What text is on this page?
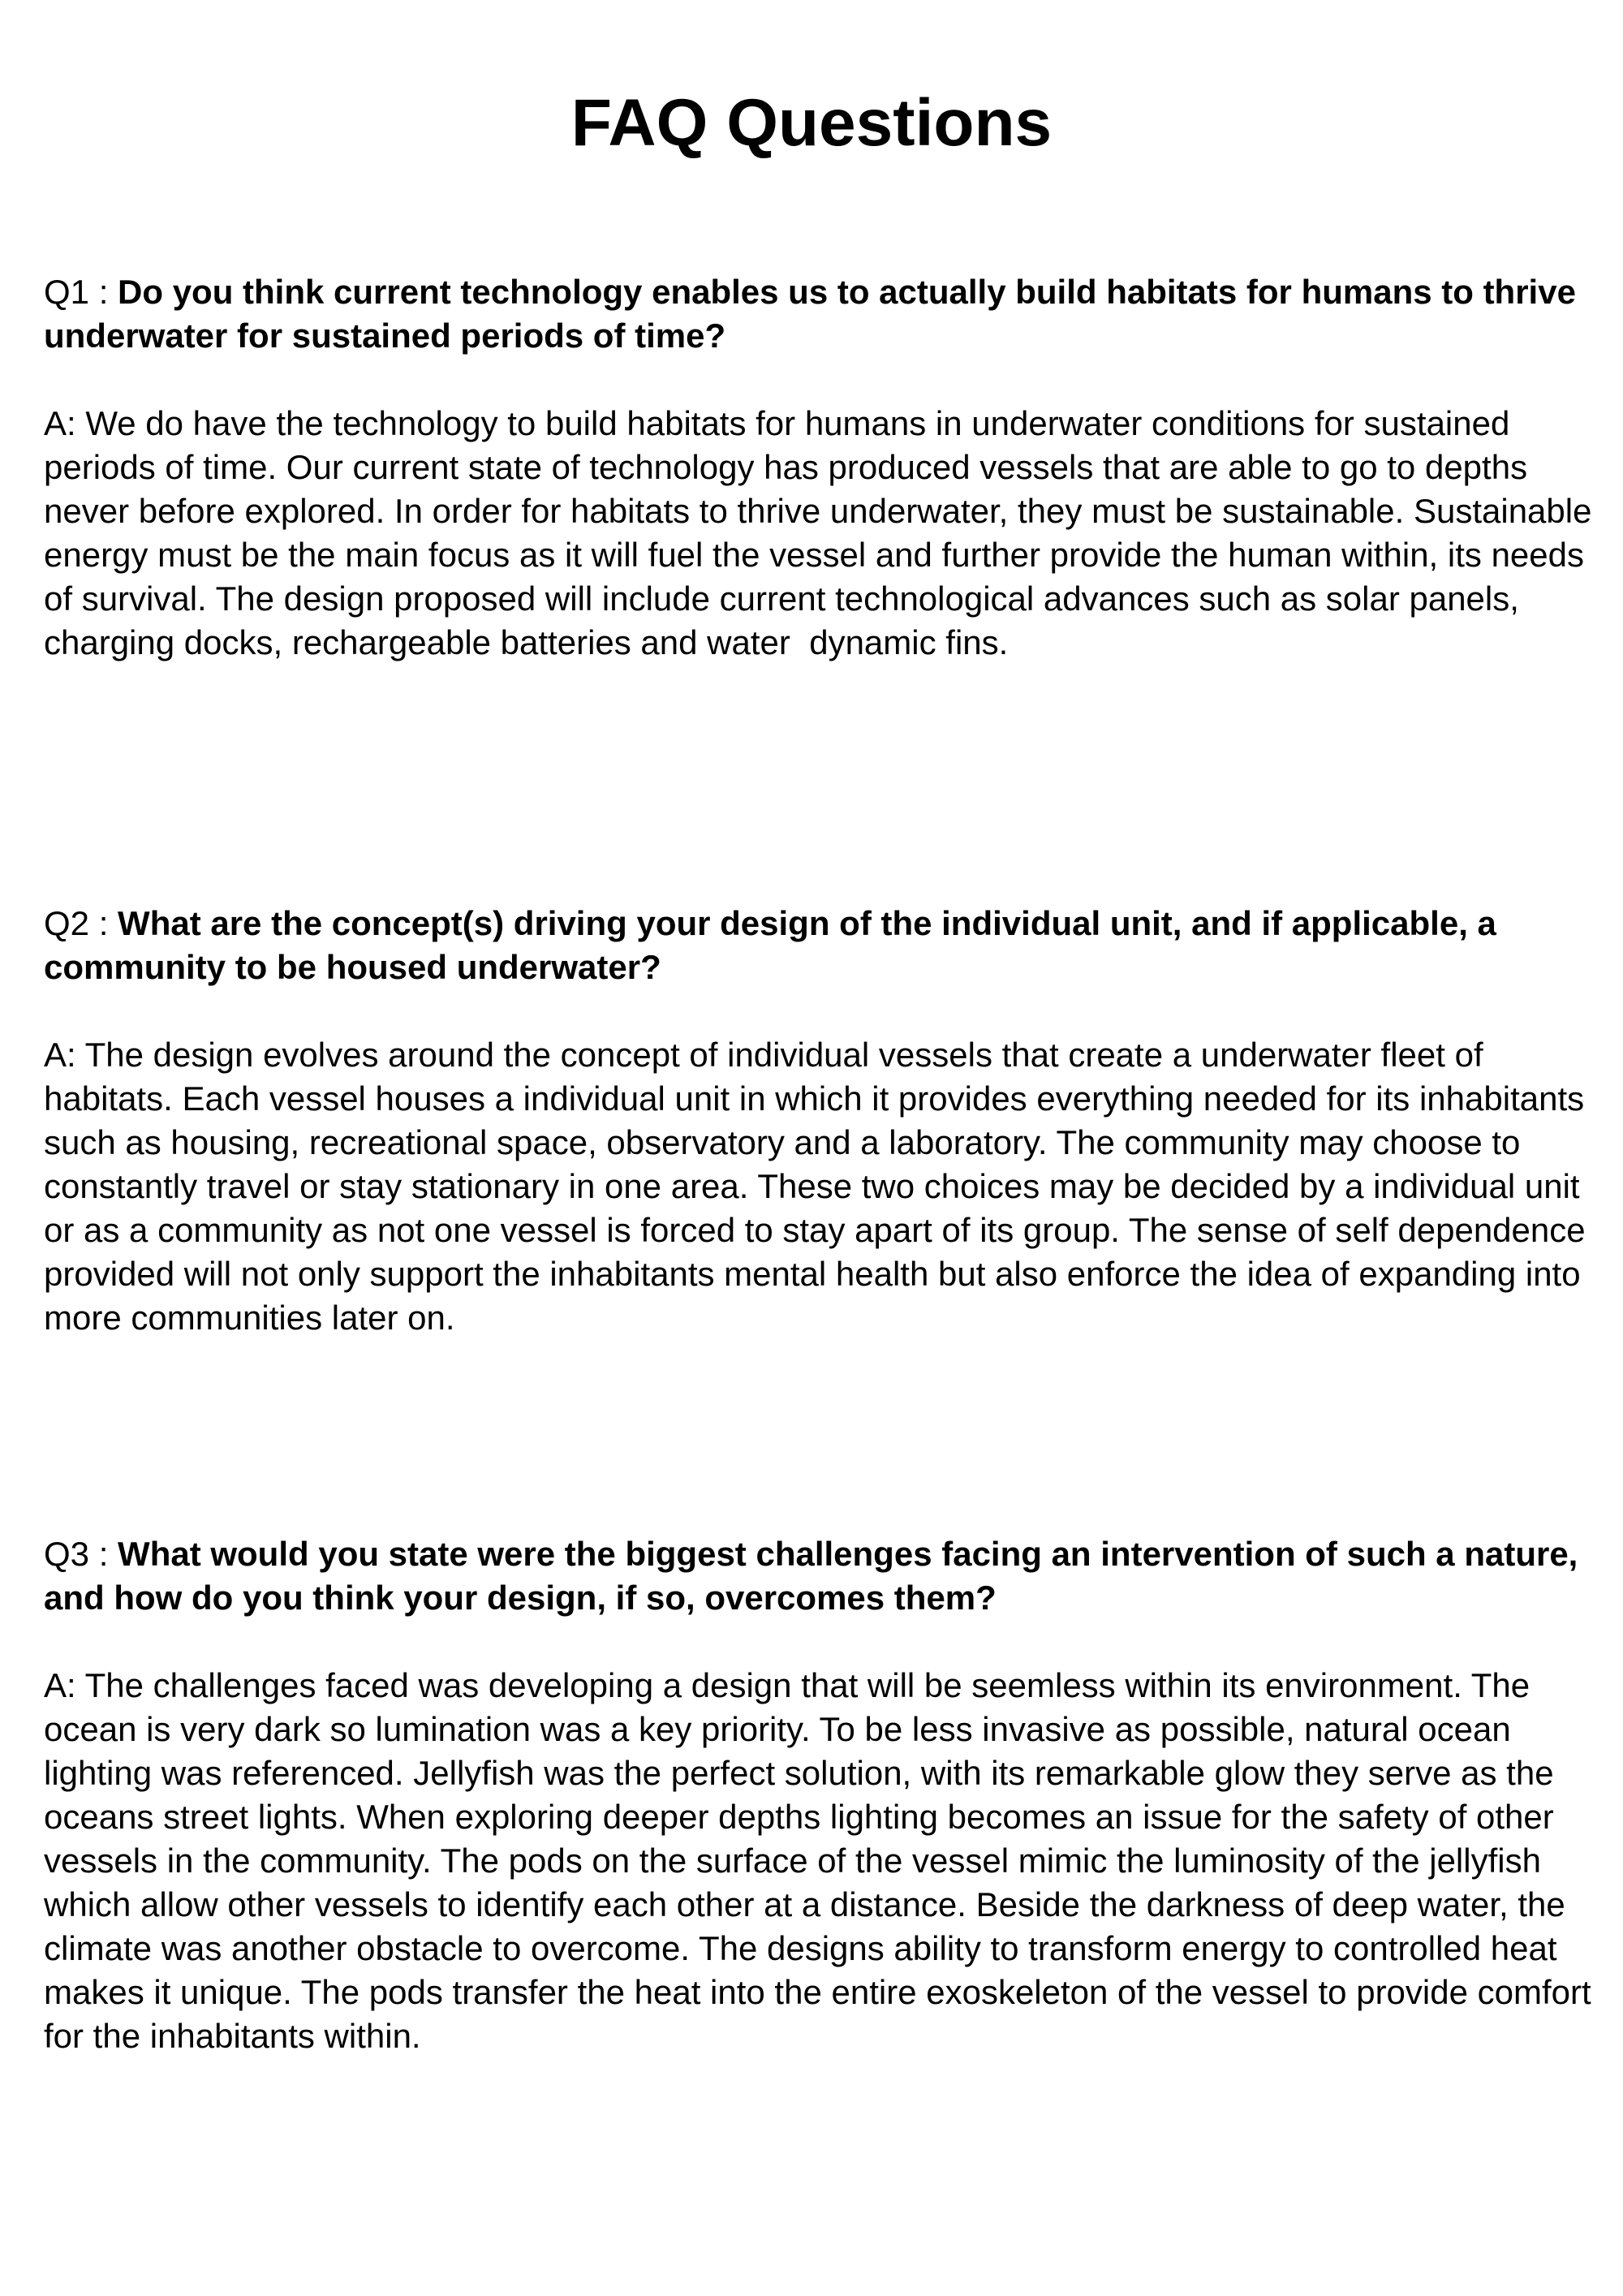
FAQ Questions

Q1 : Do you think current technology enables us to actually build habitats for humans to thrive underwater for sustained periods of time?

A: We do have the technology to build habitats for humans in underwater conditions for sustained periods of time. Our current state of technology has produced vessels that are able to go to depths never before explored. In order for habitats to thrive underwater, they must be sustainable. Sustainable energy must be the main focus as it will fuel the vessel and further provide the human within, its needs of survival. The design proposed will include current technological advances such as solar panels, charging docks, rechargeable batteries and water  dynamic fins.

Q2 : What are the concept(s) driving your design of the individual unit, and if applicable, a community to be housed underwater?

A: The design evolves around the concept of individual vessels that create a underwater fleet of habitats. Each vessel houses a individual unit in which it provides everything needed for its inhabitants such as housing, recreational space, observatory and a laboratory. The community may choose to constantly travel or stay stationary in one area. These two choices may be decided by a individual unit or as a community as not one vessel is forced to stay apart of its group. The sense of self dependence provided will not only support the inhabitants mental health but also enforce the idea of expanding into more communities later on.

Q3 : What would you state were the biggest challenges facing an intervention of such a nature, and how do you think your design, if so, overcomes them?

A: The challenges faced was developing a design that will be seemless within its environment. The ocean is very dark so lumination was a key priority. To be less invasive as possible, natural ocean lighting was referenced. Jellyfish was the perfect solution, with its remarkable glow they serve as the oceans street lights. When exploring deeper depths lighting becomes an issue for the safety of other vessels in the community. The pods on the surface of the vessel mimic the luminosity of the jellyfish which allow other vessels to identify each other at a distance. Beside the darkness of deep water, the climate was another obstacle to overcome. The designs ability to transform energy to controlled heat makes it unique. The pods transfer the heat into the entire exoskeleton of the vessel to provide comfort for the inhabitants within.
